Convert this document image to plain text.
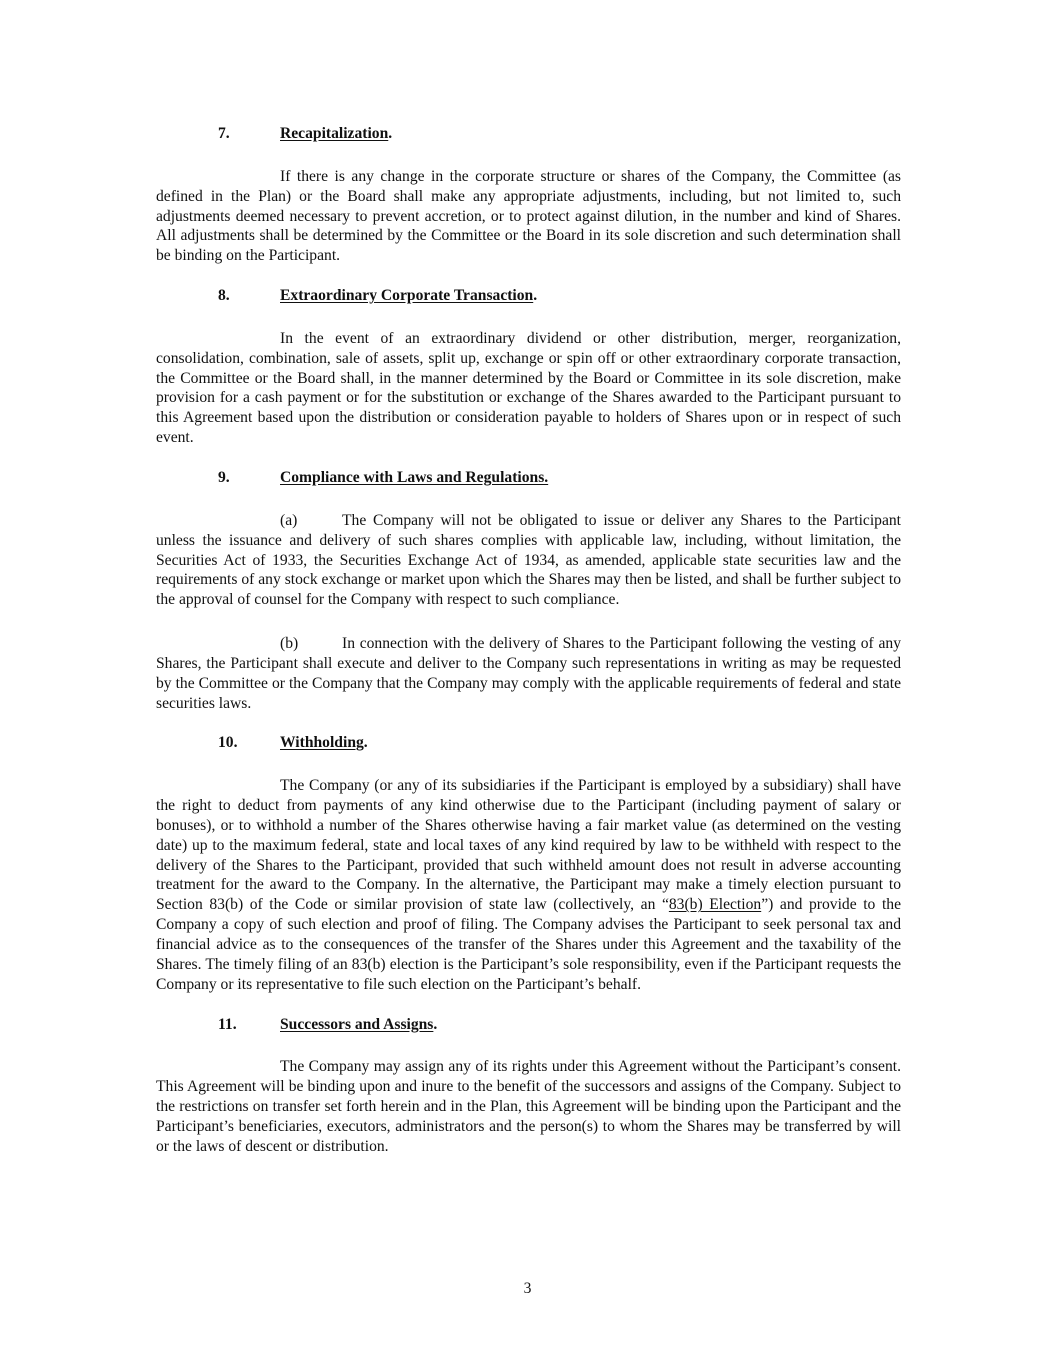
7.	Recapitalization.

If there is any change in the corporate structure or shares of the Company, the Committee (as defined in the Plan) or the Board shall make any appropriate adjustments, including, but not limited to, such adjustments deemed necessary to prevent accretion, or to protect against dilution, in the number and kind of Shares. All adjustments shall be determined by the Committee or the Board in its sole discretion and such determination shall be binding on the Participant.

8.	Extraordinary Corporate Transaction.

In the event of an extraordinary dividend or other distribution, merger, reorganization, consolidation, combination, sale of assets, split up, exchange or spin off or other extraordinary corporate transaction, the Committee or the Board shall, in the manner determined by the Board or Committee in its sole discretion, make provision for a cash payment or for the substitution or exchange of the Shares awarded to the Participant pursuant to this Agreement based upon the distribution or consideration payable to holders of Shares upon or in respect of such event.

9.	Compliance with Laws and Regulations.

(a)	The Company will not be obligated to issue or deliver any Shares to the Participant unless the issuance and delivery of such shares complies with applicable law, including, without limitation, the Securities Act of 1933, the Securities Exchange Act of 1934, as amended, applicable state securities law and the requirements of any stock exchange or market upon which the Shares may then be listed, and shall be further subject to the approval of counsel for the Company with respect to such compliance.

(b)	In connection with the delivery of Shares to the Participant following the vesting of any Shares, the Participant shall execute and deliver to the Company such representations in writing as may be requested by the Committee or the Company that the Company may comply with the applicable requirements of federal and state securities laws.

10.	Withholding.

The Company (or any of its subsidiaries if the Participant is employed by a subsidiary) shall have the right to deduct from payments of any kind otherwise due to the Participant (including payment of salary or bonuses), or to withhold a number of the Shares otherwise having a fair market value (as determined on the vesting date) up to the maximum federal, state and local taxes of any kind required by law to be withheld with respect to the delivery of the Shares to the Participant, provided that such withheld amount does not result in adverse accounting treatment for the award to the Company. In the alternative, the Participant may make a timely election pursuant to Section 83(b) of the Code or similar provision of state law (collectively, an “83(b) Election”) and provide to the Company a copy of such election and proof of filing. The Company advises the Participant to seek personal tax and financial advice as to the consequences of the transfer of the Shares under this Agreement and the taxability of the Shares. The timely filing of an 83(b) election is the Participant’s sole responsibility, even if the Participant requests the Company or its representative to file such election on the Participant’s behalf.

11.	Successors and Assigns.

The Company may assign any of its rights under this Agreement without the Participant’s consent. This Agreement will be binding upon and inure to the benefit of the successors and assigns of the Company. Subject to the restrictions on transfer set forth herein and in the Plan, this Agreement will be binding upon the Participant and the Participant’s beneficiaries, executors, administrators and the person(s) to whom the Shares may be transferred by will or the laws of descent or distribution.

3
